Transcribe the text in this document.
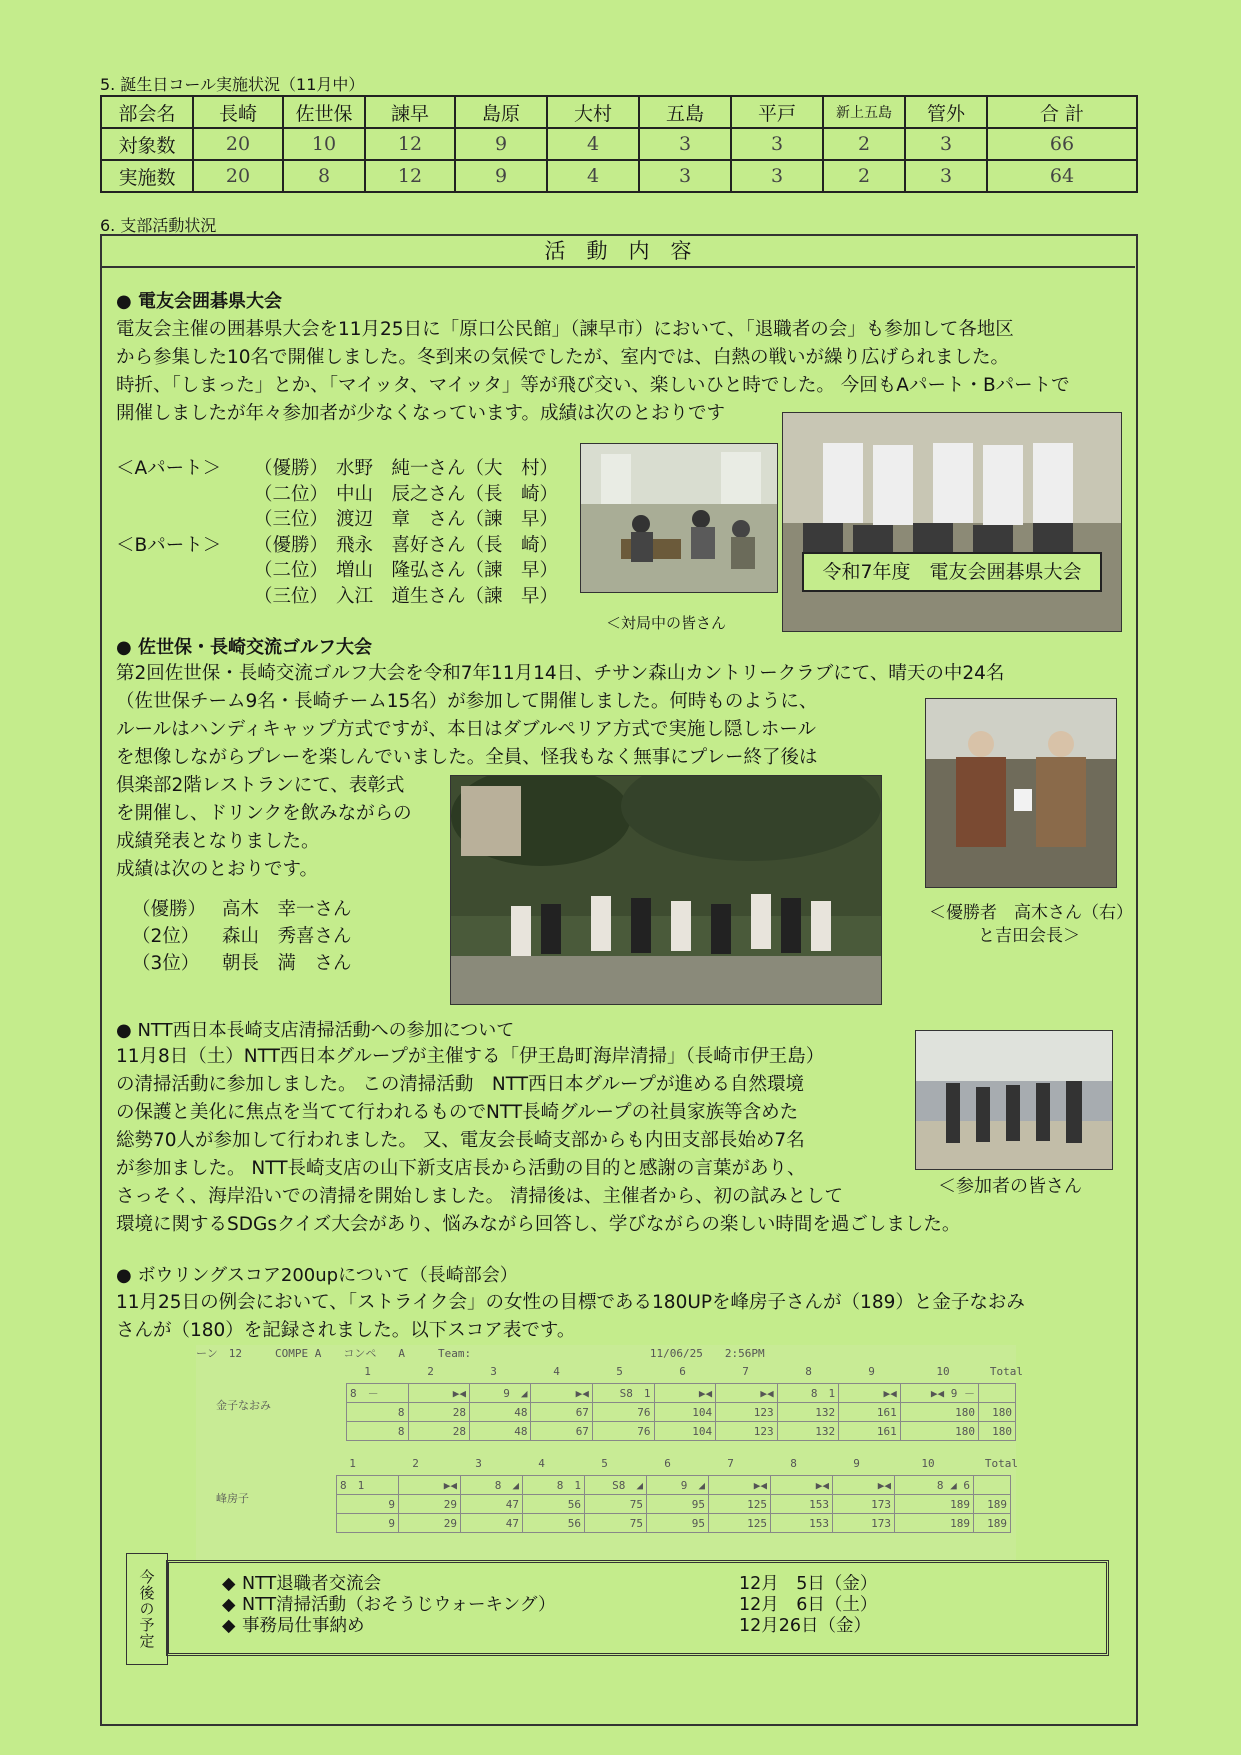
5. 誕生日コール実施状況（11月中）
部会名	長崎	佐世保	諫早	島原	大村	五島	平戸	新上五島	管外	合 計
対象数	20	10	12	9	4	3	3	2	3	66
実施数	20	8	12	9	4	3	3	2	3	64
6. 支部活動状況
活　動　内　容
● 電友会囲碁県大会
電友会主催の囲碁県大会を11月25日に「原口公民館」（諫早市）において、「退職者の会」も参加して各地区
から参集した10名で開催しました。冬到来の気候でしたが、室内では、白熱の戦いが繰り広げられました。
時折、「しまった」とか、「マイッタ、マイッタ」等が飛び交い、楽しいひと時でした。 今回もAパート・Bパートで
開催しましたが年々参加者が少なくなっています。成績は次のとおりです
＜Aパート＞	（優勝） 水野　純一さん（大　村）
（二位） 中山　辰之さん（長　崎）
（三位） 渡辺　章　さん（諫　早）
＜Bパート＞	（優勝） 飛永　喜好さん（長　崎）
（二位） 増山　隆弘さん（諫　早）
（三位） 入江　道生さん（諫　早）
＜対局中の皆さん
令和7年度　電友会囲碁県大会
● 佐世保・長崎交流ゴルフ大会
第2回佐世保・長崎交流ゴルフ大会を令和7年11月14日、チサン森山カントリークラブにて、晴天の中24名
（佐世保チーム9名・長崎チーム15名）が参加して開催しました。何時ものように、
ルールはハンディキャップ方式ですが、本日はダブルペリア方式で実施し隠しホール
を想像しながらプレーを楽しんでいました。全員、怪我もなく無事にプレー終了後は
倶楽部2階レストランにて、表彰式
を開催し、ドリンクを飲みながらの
成績発表となりました。
成績は次のとおりです。
（優勝） 高木　幸一さん
（2位）	森山　秀喜さん
（3位）	朝長　満　さん
＜優勝者　高木さん（右）
と吉田会長＞
● NTT西日本長崎支店清掃活動への参加について
11月8日（土）NTT西日本グループが主催する「伊王島町海岸清掃」（長崎市伊王島）
の清掃活動に参加しました。 この清掃活動　NTT西日本グループが進める自然環境
の保護と美化に焦点を当てて行われるものでNTT長崎グループの社員家族等含めた
総勢70人が参加して行われました。 又、電友会長崎支部からも内田支部長始め7名
が参加ました。 NTT長崎支店の山下新支店長から活動の目的と感謝の言葉があり、
さっそく、海岸沿いでの清掃を開始しました。 清掃後は、主催者から、初の試みとして
環境に関するSDGsクイズ大会があり、悩みながら回答し、学びながらの楽しい時間を過ごしました。
＜参加者の皆さん
● ボウリングスコア200upについて（長崎部会）
11月25日の例会において、「ストライク会」の女性の目標である180UPを峰房子さんが（189）と金子なおみ
さんが（180）を記録されました。以下スコア表です。
ーン　12　　　COMPE A　　コンペ　　A　　　Team:                           11/06/25　　2:56PM
1	2	3	4	5	6	7	8	9	10	Total
金子なおみ
8　－	　 ▶◀	9　◢	　 ▶◀	S8　1	　 ▶◀	　 ▶◀	8　1	▶◀	▶◀ 9 －	
8	28	48	67	76	104	123	132	161	180	180
8	28	48	67	76	104	123	132	161	180	180
1	2	3	4	5	6	7	8	9	10	Total
峰房子
8　1	　 ▶◀	8　◢	8　1	S8　◢	9　◢	　 ▶◀	　 ▶◀	▶◀	8 ◢ 6	
9	29	47	56	75	95	125	153	173	189	189
9	29	47	56	75	95	125	153	173	189	189
今後の予定	◆ NTT退職者交流会	12月　5日（金）
◆ NTT清掃活動（おそうじウォーキング）	12月　6日（土）
◆ 事務局仕事納め	12月26日（金）
